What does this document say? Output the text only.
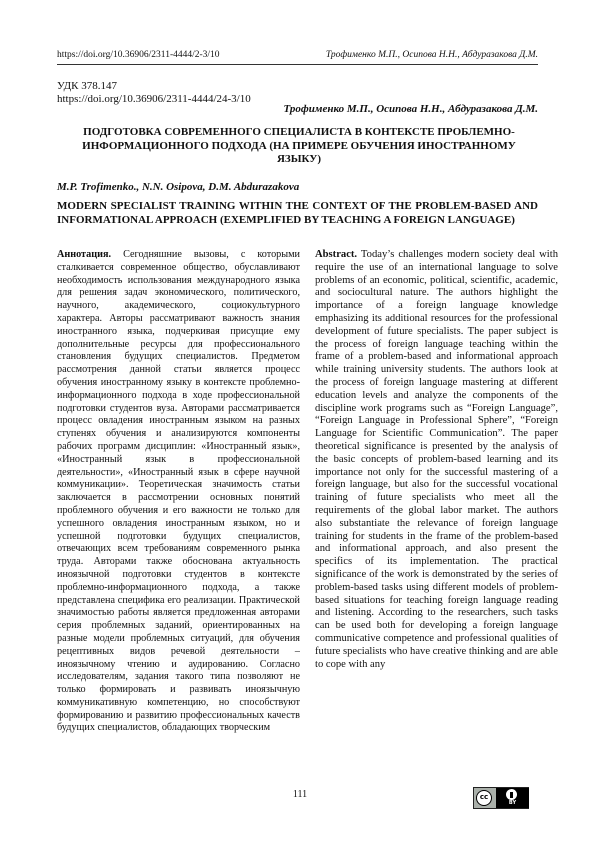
https://doi.org/10.36906/2311-4444/2-3/10	Трофименко М.П., Осипова Н.Н., Абдуразакова Д.М.
УДК 378.147
https://doi.org/10.36906/2311-4444/24-3/10
Трофименко М.П., Осипова Н.Н., Абдуразакова Д.М.
ПОДГОТОВКА СОВРЕМЕННОГО СПЕЦИАЛИСТА В КОНТЕКСТЕ ПРОБЛЕМНО-ИНФОРМАЦИОННОГО ПОДХОДА (НА ПРИМЕРЕ ОБУЧЕНИЯ ИНОСТРАННОМУ ЯЗЫКУ)
M.P. Trofimenko., N.N. Osipova, D.M. Abdurazakova
MODERN SPECIALIST TRAINING WITHIN THE CONTEXT OF THE PROBLEM-BASED AND INFORMATIONAL APPROACH (EXEMPLIFIED BY TEACHING A FOREIGN LANGUAGE)

Аннотация. Сегодняшние вызовы, с которыми сталкивается современное общество, обуславливают необходимость использования международного языка для решения задач экономического, политического, научного, академического, социокультурного характера. Авторы рассматривают важность знания иностранного языка, подчеркивая присущие ему дополнительные ресурсы для профессионального становления будущих специалистов. Предметом рассмотрения данной статьи является процесс обучения иностранному языку в контексте проблемно-информационного подхода в ходе профессиональной подготовки студентов вуза. Авторами рассматривается процесс овладения иностранным языком на разных ступенях обучения и анализируются компоненты рабочих программ дисциплин: «Иностранный язык», «Иностранный язык в профессиональной деятельности», «Иностранный язык в сфере научной коммуникации». Теоретическая значимость статьи заключается в рассмотрении основных понятий проблемного обучения и его важности не только для успешного овладения иностранным языком, но и успешной подготовки будущих специалистов, отвечающих всем требованиям современного рынка труда. Авторами также обоснована актуальность иноязычной подготовки студентов в контексте проблемно-информационного подхода, а также представлена специфика его реализации. Практической значимостью работы является предложенная авторами серия проблемных заданий, ориентированных на разные модели проблемных ситуаций, для обучения рецептивных видов речевой деятельности – иноязычному чтению и аудированию. Согласно исследователям, задания такого типа позволяют не только формировать и развивать иноязычную коммуникативную компетенцию, но способствуют формированию и развитию профессиональных качеств будущих специалистов, обладающих творческим

Abstract. Today’s challenges modern society deal with require the use of an international language to solve problems of an economic, political, scientific, academic, and sociocultural nature. The authors highlight the importance of a foreign language knowledge emphasizing its additional resources for the professional development of future specialists. The paper subject is the process of foreign language teaching within the frame of a problem-based and informational approach while training university students. The authors look at the process of foreign language mastering at different education levels and analyze the components of the discipline work programs such as “Foreign Language”, “Foreign Language in Professional Sphere”, “Foreign Language for Scientific Communication”. The paper theoretical significance is presented by the analysis of the basic concepts of problem-based learning and its importance not only for the successful mastering of a foreign language, but also for the successful vocational training of future specialists who meet all the requirements of the global labor market. The authors also substantiate the relevance of foreign language training for students in the frame of the problem-based and informational approach, and also present the specifics of its implementation. The practical significance of the work is demonstrated by the series of problem-based tasks using different models of problem-based situations for teaching foreign language reading and listening. According to the researchers, such tasks can be used both for developing a foreign language communicative competence and professional qualities of future specialists who have creative thinking and are able to cope with any

111	cc
BY
